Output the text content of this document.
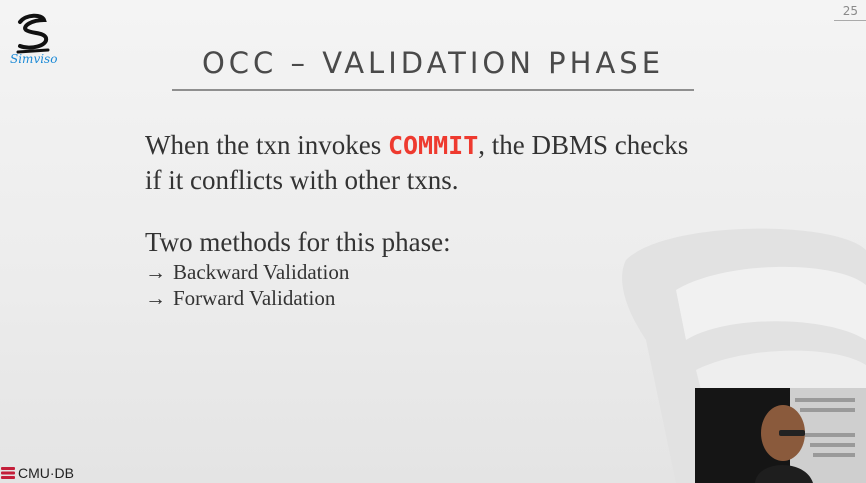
Simviso
25
OCC – VALIDATION PHASE
When the txn invokes COMMIT, the DBMS checks
if it conflicts with other txns.
Two methods for this phase:
→ Backward Validation
→ Forward Validation
CMU·DB
